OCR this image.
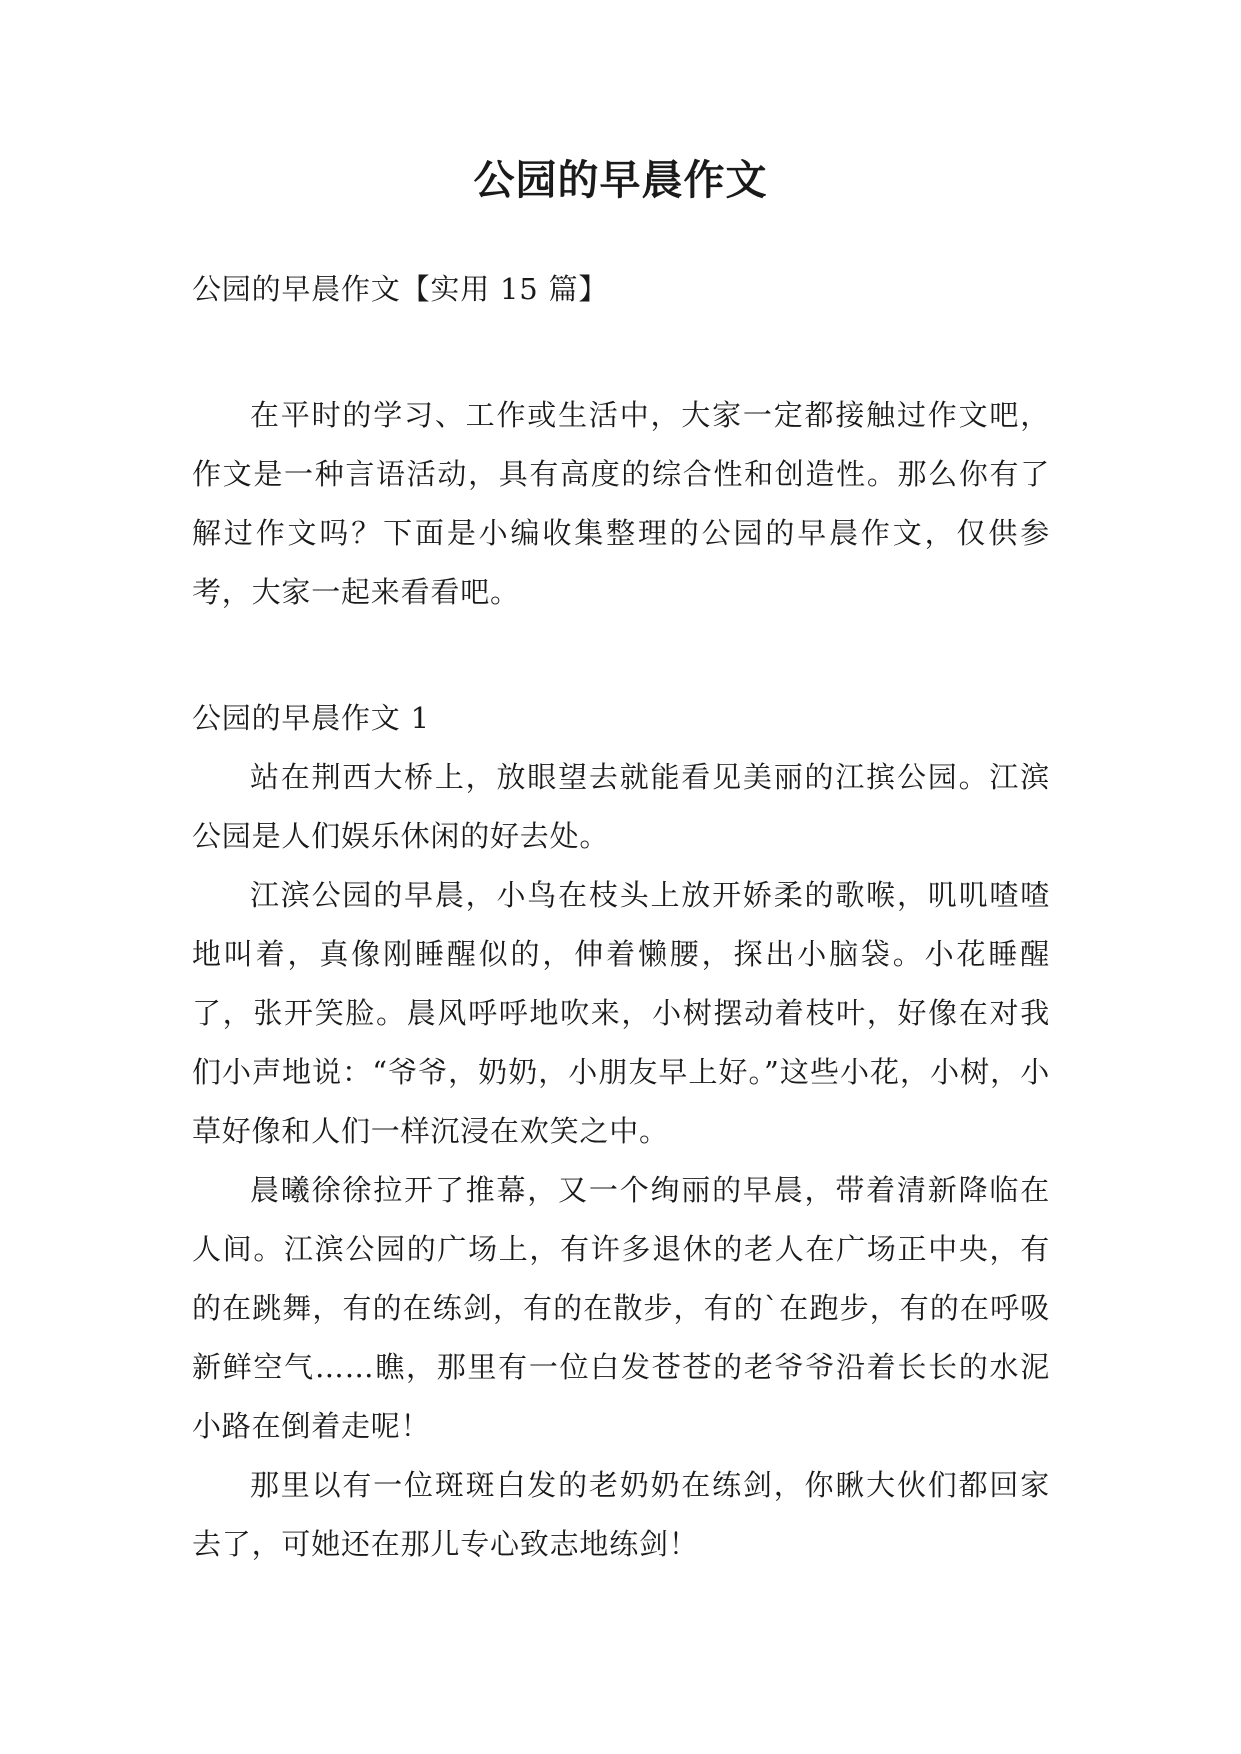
公园的早晨作文

公园的早晨作文【实用 15 篇】

在平时的学习、工作或生活中，大家一定都接触过作文吧，作文是一种言语活动，具有高度的综合性和创造性。那么你有了解过作文吗？下面是小编收集整理的公园的早晨作文，仅供参考，大家一起来看看吧。

公园的早晨作文 1

站在荆西大桥上，放眼望去就能看见美丽的江摈公园。江滨公园是人们娱乐休闲的好去处。

江滨公园的早晨，小鸟在枝头上放开娇柔的歌喉，叽叽喳喳地叫着，真像刚睡醒似的，伸着懒腰，探出小脑袋。小花睡醒了，张开笑脸。晨风呼呼地吹来，小树摆动着枝叶，好像在对我们小声地说：“爷爷，奶奶，小朋友早上好。”这些小花，小树，小草好像和人们一样沉浸在欢笑之中。

晨曦徐徐拉开了推幕，又一个绚丽的早晨，带着清新降临在人间。江滨公园的广场上，有许多退休的老人在广场正中央，有的在跳舞，有的在练剑，有的在散步，有的`在跑步，有的在呼吸新鲜空气……瞧，那里有一位白发苍苍的老爷爷沿着长长的水泥小路在倒着走呢！

那里以有一位斑斑白发的老奶奶在练剑，你瞅大伙们都回家去了，可她还在那儿专心致志地练剑！
